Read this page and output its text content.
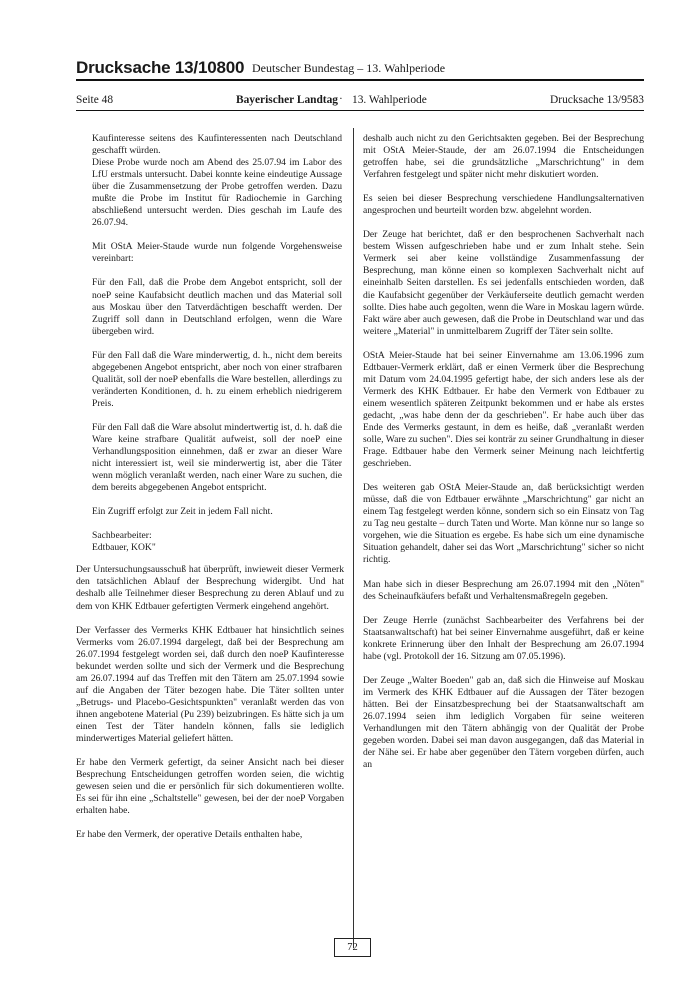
Drucksache 13/10800 Deutscher Bundestag – 13. Wahlperiode
Seite 48	Bayerischer Landtag · 13. Wahlperiode	Drucksache 13/9583

Kaufinteresse seitens des Kaufinteressenten nach Deutschland geschafft würden.

Diese Probe wurde noch am Abend des 25.07.94 im Labor des LfU erstmals untersucht. Dabei konnte keine eindeutige Aussage über die Zusammensetzung der Probe getroffen werden. Dazu mußte die Probe im Institut für Radiochemie in Garching abschließend untersucht werden. Dies geschah im Laufe des 26.07.94.

Mit OStA Meier-Staude wurde nun folgende Vorgehensweise vereinbart:

Für den Fall, daß die Probe dem Angebot entspricht, soll der noeP seine Kaufabsicht deutlich machen und das Material soll aus Moskau über den Tatverdächtigen beschafft werden. Der Zugriff soll dann in Deutschland erfolgen, wenn die Ware übergeben wird.

Für den Fall daß die Ware minderwertig, d. h., nicht dem bereits abgegebenen Angebot entspricht, aber noch von einer strafbaren Qualität, soll der noeP ebenfalls die Ware bestellen, allerdings zu veränderten Konditionen, d. h. zu einem erheblich niedrigerem Preis.

Für den Fall daß die Ware absolut mindertwertig ist, d. h. daß die Ware keine strafbare Qualität aufweist, soll der noeP eine Verhandlungsposition einnehmen, daß er zwar an dieser Ware nicht interessiert ist, weil sie minderwertig ist, aber die Täter wenn möglich veranlaßt werden, nach einer Ware zu suchen, die dem bereits abgegebenen Angebot entspricht.

Ein Zugriff erfolgt zur Zeit in jedem Fall nicht.

Sachbearbeiter:

Edtbauer, KOK"

Der Untersuchungsausschuß hat überprüft, inwieweit dieser Vermerk den tatsächlichen Ablauf der Besprechung widergibt. Und hat deshalb alle Teilnehmer dieser Besprechung zu deren Ablauf und zu dem von KHK Edtbauer gefertigten Vermerk eingehend angehört.

Der Verfasser des Vermerks KHK Edtbauer hat hinsichtlich seines Vermerks vom 26.07.1994 dargelegt, daß bei der Besprechung am 26.07.1994 festgelegt worden sei, daß durch den noeP Kaufinteresse bekundet werden sollte und sich der Vermerk und die Besprechung am 26.07.1994 auf das Treffen mit den Tätern am 25.07.1994 sowie auf die Angaben der Täter bezogen habe. Die Täter sollten unter „Betrugs- und Placebo-Gesichtspunkten" veranlaßt werden das von ihnen angebotene Material (Pu 239) beizubringen. Es hätte sich ja um einen Test der Täter handeln können, falls sie lediglich minderwertiges Material geliefert hätten.

Er habe den Vermerk gefertigt, da seiner Ansicht nach bei dieser Besprechung Entscheidungen getroffen worden seien, die wichtig gewesen seien und die er persönlich für sich dokumentieren wollte. Es sei für ihn eine „Schaltstelle" gewesen, bei der der noeP Vorgaben erhalten habe.

Er habe den Vermerk, der operative Details enthalten habe,

deshalb auch nicht zu den Gerichtsakten gegeben. Bei der Besprechung mit OStA Meier-Staude, der am 26.07.1994 die Entscheidungen getroffen habe, sei die grundsätzliche „Marschrichtung" in dem Verfahren festgelegt und später nicht mehr diskutiert worden.

Es seien bei dieser Besprechung verschiedene Handlungsalternativen angesprochen und beurteilt worden bzw. abgelehnt worden.

Der Zeuge hat berichtet, daß er den besprochenen Sachverhalt nach bestem Wissen aufgeschrieben habe und er zum Inhalt stehe. Sein Vermerk sei aber keine vollständige Zusammenfassung der Besprechung, man könne einen so komplexen Sachverhalt nicht auf eineinhalb Seiten darstellen. Es sei jedenfalls entschieden worden, daß die Kaufabsicht gegenüber der Verkäuferseite deutlich gemacht werden sollte. Dies habe auch gegolten, wenn die Ware in Moskau lagern würde. Fakt wäre aber auch gewesen, daß die Probe in Deutschland war und das weitere „Material" in unmittelbarem Zugriff der Täter sein sollte.

OStA Meier-Staude hat bei seiner Einvernahme am 13.06.1996 zum Edtbauer-Vermerk erklärt, daß er einen Vermerk über die Besprechung mit Datum vom 24.04.1995 gefertigt habe, der sich anders lese als der Vermerk des KHK Edtbauer. Er habe den Vermerk von Edtbauer zu einem wesentlich späteren Zeitpunkt bekommen und er habe als erstes gedacht, „was habe denn der da geschrieben". Er habe auch über das Ende des Vermerks gestaunt, in dem es heiße, daß „veranlaßt werden solle, Ware zu suchen". Dies sei konträr zu seiner Grundhaltung in dieser Frage. Edtbauer habe den Vermerk seiner Meinung nach leichtfertig geschrieben.

Des weiteren gab OStA Meier-Staude an, daß berücksichtigt werden müsse, daß die von Edtbauer erwähnte „Marschrichtung" gar nicht an einem Tag festgelegt werden könne, sondern sich so ein Einsatz von Tag zu Tag neu gestalte – durch Taten und Worte. Man könne nur so lange so vorgehen, wie die Situation es ergebe. Es habe sich um eine dynamische Situation gehandelt, daher sei das Wort „Marschrichtung" sicher so nicht richtig.

Man habe sich in dieser Besprechung am 26.07.1994 mit den „Nöten" des Scheinaufkäufers befaßt und Verhaltensmaßregeln gegeben.

Der Zeuge Herrle (zunächst Sachbearbeiter des Verfahrens bei der Staatsanwaltschaft) hat bei seiner Einvernahme ausgeführt, daß er keine konkrete Erinnerung über den Inhalt der Besprechung am 26.07.1994 habe (vgl. Protokoll der 16. Sitzung am 07.05.1996).

Der Zeuge „Walter Boeden" gab an, daß sich die Hinweise auf Moskau im Vermerk des KHK Edtbauer auf die Aussagen der Täter bezogen hätten. Bei der Einsatzbesprechung bei der Staatsanwaltschaft am 26.07.1994 seien ihm lediglich Vorgaben für seine weiteren Verhandlungen mit den Tätern abhängig von der Qualität der Probe gegeben worden. Dabei sei man davon ausgegangen, daß das Material in der Nähe sei. Er habe aber gegenüber den Tätern vorgeben dürfen, auch an

72
